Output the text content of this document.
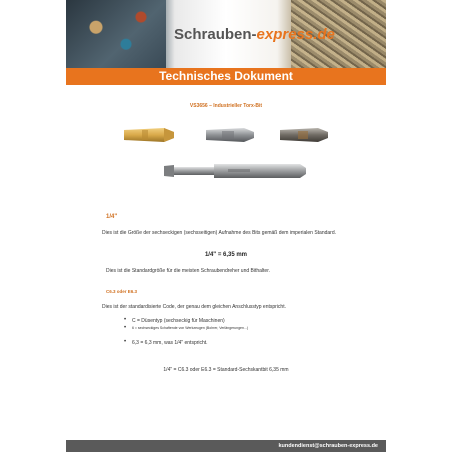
Schrauben-express.de
Technisches Dokument
VS3656 – Industrieller Torx-Bit
1/4"
Dies ist die Größe der sechseckigen (sechsseitigen) Aufnahme des Bits gemäß dem imperialen Standard.
1/4" = 6,35 mm
Dies ist die Standardgröße für die meisten Schraubendreher und Bithalter.
C6.3 oder E6.3
Dies ist der standardisierte Code, der genau dem gleichen Anschlusstyp entspricht.
• C = Düsentyp (sechseckig für Maschinen)
• 6 = sechseckiges Schaftende von Werkzeugen (Bohrer, Verlängerungen...)
• 6,3 = 6,3 mm, was 1/4" entspricht.
1/4" = C6.3 oder E6.3 = Standard-Sechskantbit 6,35 mm
kundendienst@schrauben-express.de
